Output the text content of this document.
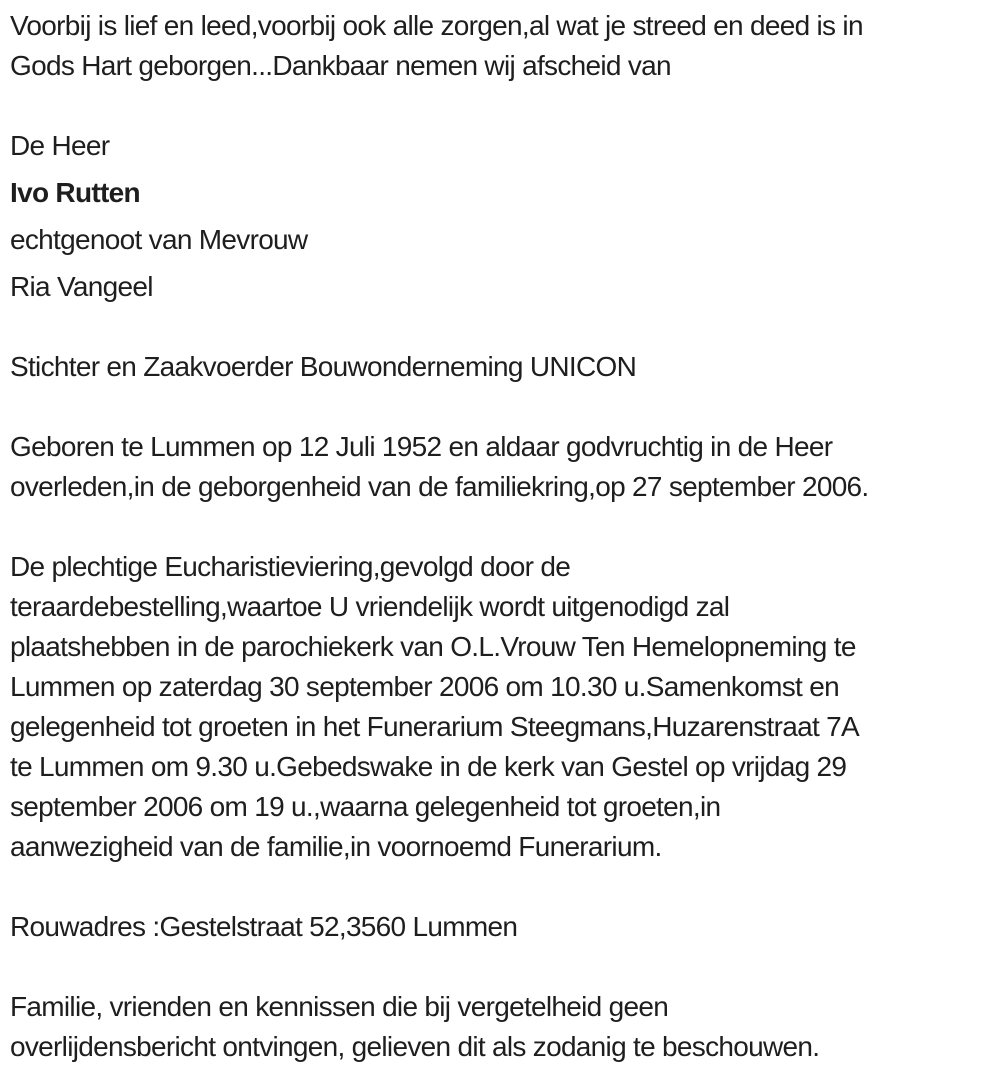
Voorbij is lief en leed,voorbij ook alle zorgen,al wat je streed en deed is in
Gods Hart geborgen...Dankbaar nemen wij afscheid van
De Heer
Ivo Rutten
echtgenoot van Mevrouw
Ria Vangeel
Stichter en Zaakvoerder Bouwonderneming UNICON
Geboren te Lummen op 12 Juli 1952 en aldaar godvruchtig in de Heer
overleden,in de geborgenheid van de familiekring,op 27 september 2006.
De plechtige Eucharistieviering,gevolgd door de
teraardebestelling,waartoe U vriendelijk wordt uitgenodigd zal
plaatshebben in de parochiekerk van O.L.Vrouw Ten Hemelopneming te
Lummen op zaterdag 30 september 2006 om 10.30 u.Samenkomst en
gelegenheid tot groeten in het Funerarium Steegmans,Huzarenstraat 7A
te Lummen om 9.30 u.Gebedswake in de kerk van Gestel op vrijdag 29
september 2006 om 19 u.,waarna gelegenheid tot groeten,in
aanwezigheid van de familie,in voornoemd Funerarium.
Rouwadres :Gestelstraat 52,3560 Lummen
Familie, vrienden en kennissen die bij vergetelheid geen
overlijdensbericht ontvingen, gelieven dit als zodanig te beschouwen.
